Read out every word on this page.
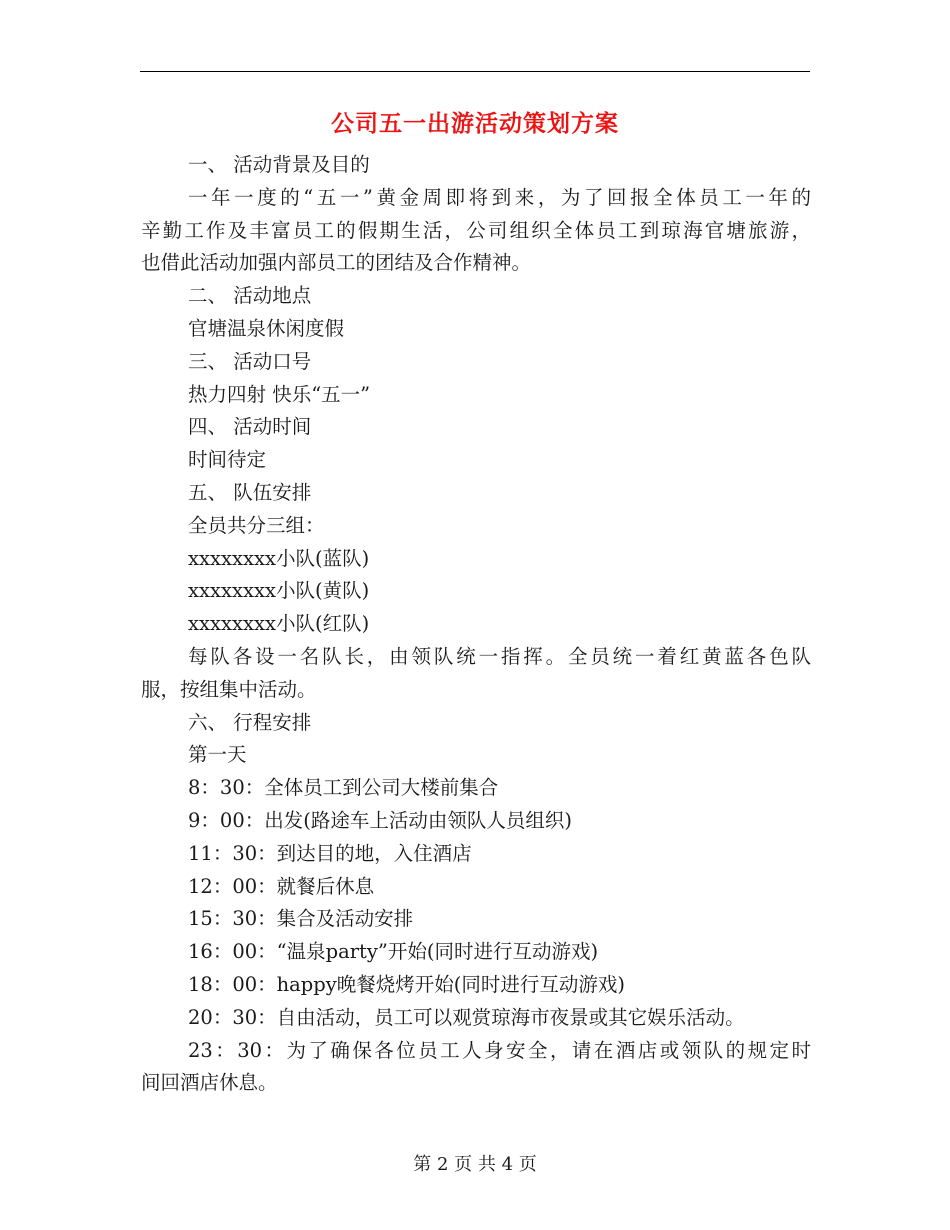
公司五一出游活动策划方案
一、 活动背景及目的
一年一度的“五一”黄金周即将到来，为了回报全体员工一年的
辛勤工作及丰富员工的假期生活，公司组织全体员工到琼海官塘旅游，
也借此活动加强内部员工的团结及合作精神。
二、 活动地点
官塘温泉休闲度假
三、 活动口号
热力四射 快乐“五一”
四、 活动时间
时间待定
五、 队伍安排
全员共分三组：
xxxxxxxx小队(蓝队)
xxxxxxxx小队(黄队)
xxxxxxxx小队(红队)
每队各设一名队长，由领队统一指挥。全员统一着红黄蓝各色队
服，按组集中活动。
六、 行程安排
第一天
8：30：全体员工到公司大楼前集合
9：00：出发(路途车上活动由领队人员组织)
11：30：到达目的地，入住酒店
12：00：就餐后休息
15：30：集合及活动安排
16：00：“温泉party”开始(同时进行互动游戏)
18：00：happy晚餐烧烤开始(同时进行互动游戏)
20：30：自由活动，员工可以观赏琼海市夜景或其它娱乐活动。
23：30：为了确保各位员工人身安全，请在酒店或领队的规定时
间回酒店休息。
第 2 页 共 4 页
